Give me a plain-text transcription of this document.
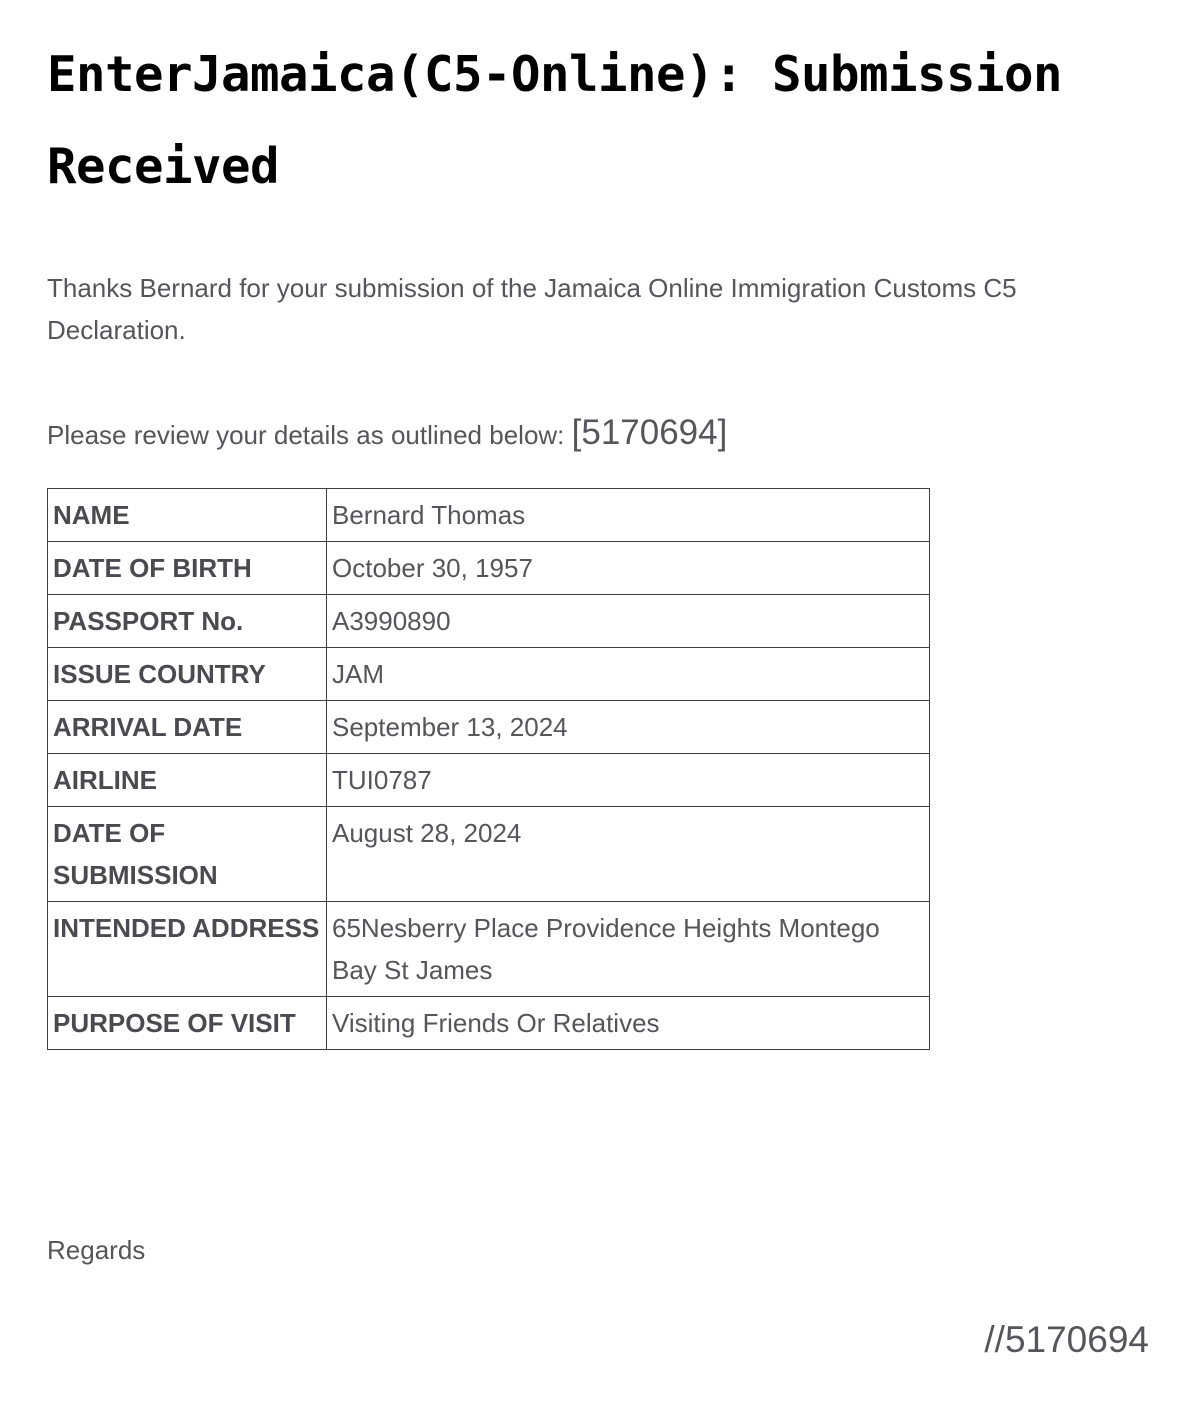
EnterJamaica(C5-Online): Submission Received

Thanks Bernard for your submission of the Jamaica Online Immigration Customs C5 Declaration.

Please review your details as outlined below: [5170694]

NAME	Bernard Thomas
DATE OF BIRTH	October 30, 1957
PASSPORT No.	A3990890
ISSUE COUNTRY	JAM
ARRIVAL DATE	September 13, 2024
AIRLINE	TUI0787
DATE OF SUBMISSION	August 28, 2024
INTENDED ADDRESS	65Nesberry Place Providence Heights Montego Bay St James
PURPOSE OF VISIT	Visiting Friends Or Relatives
Regards
//5170694
